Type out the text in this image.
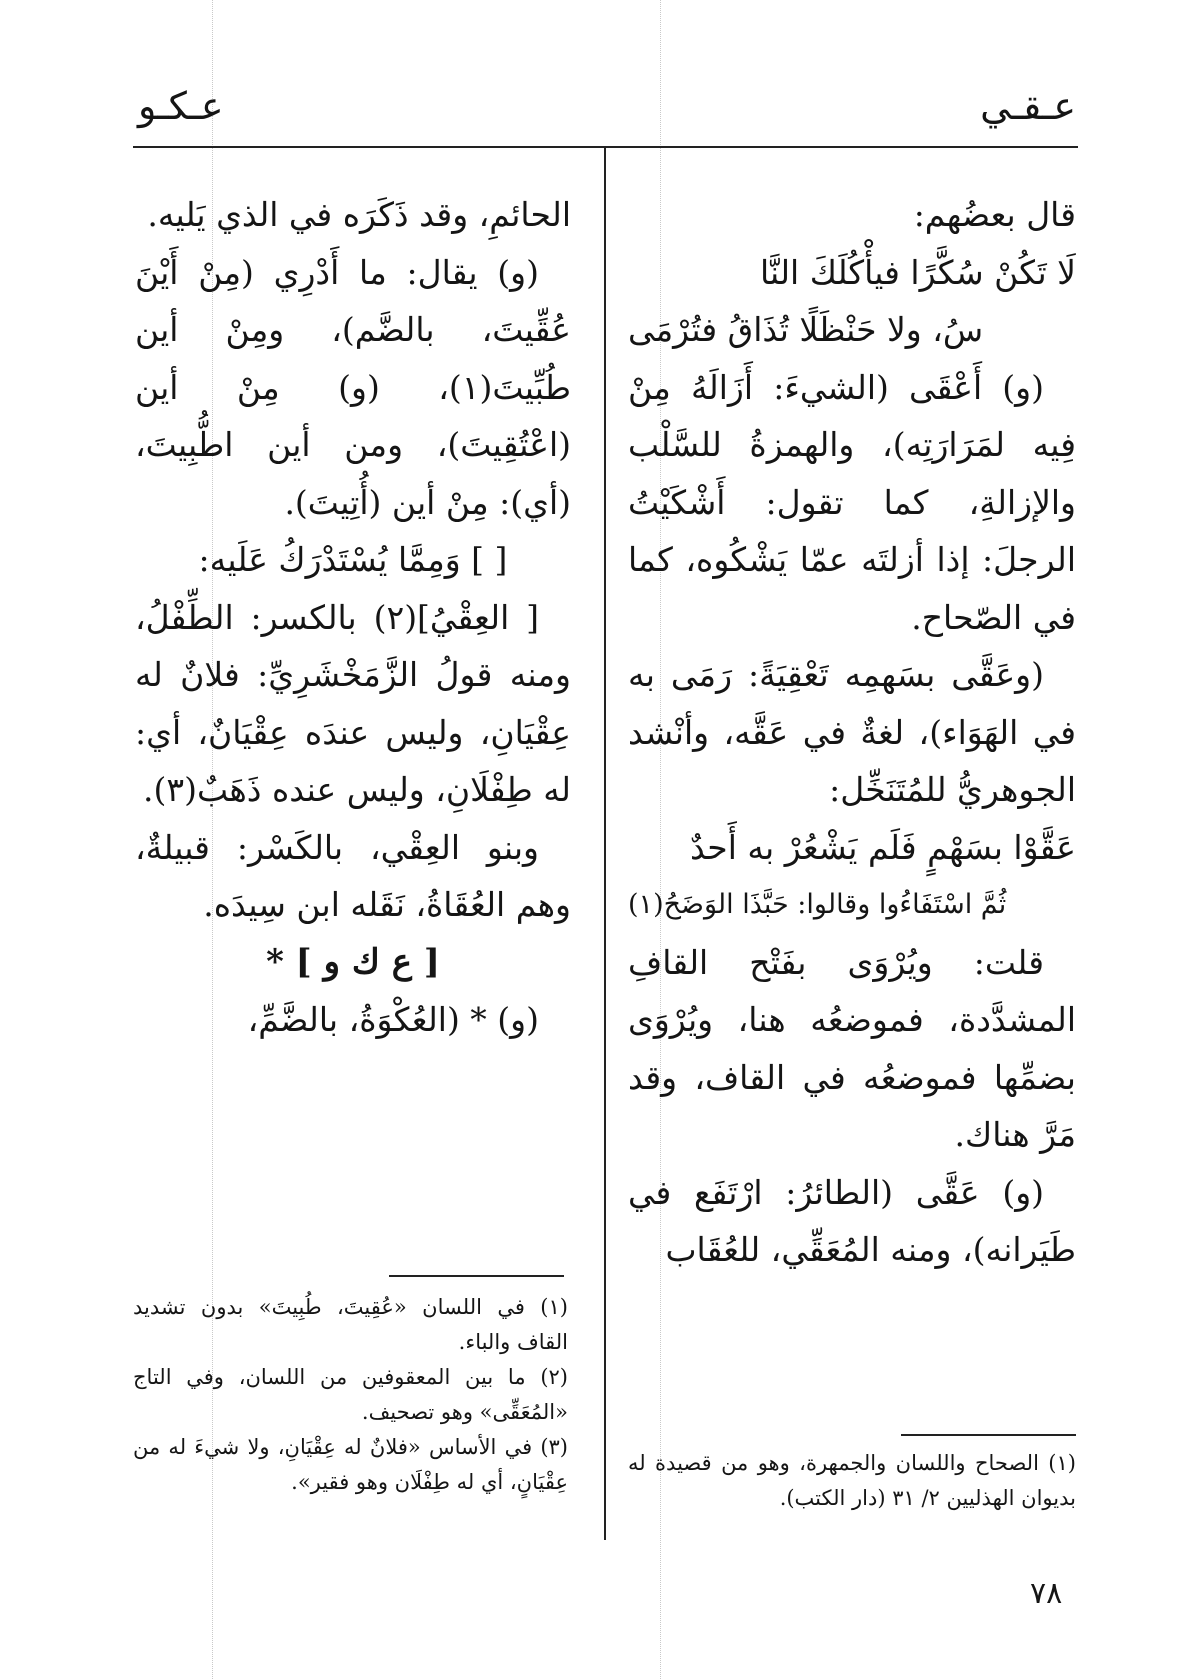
عـقـي
عـكـو

قال بعضُهم:

لَا تَكُنْ سُكَّرًا فيأْكُلَكَ النَّا

سُ، ولا حَنْظَلًا تُذَاقُ فتُرْمَى

(و) أَعْقَى (الشيءَ: أَزَالَهُ مِنْ فِيه لمَرَارَتِه)، والهمزةُ للسَّلْب والإزالةِ، كما تقول: أَشْكَيْتُ الرجلَ: إذا أزلتَه عمّا يَشْكُوه، كما في الصّحاح.

(وعَقَّى بسَهمِه تَعْقِيَةً: رَمَى به في الهَوَاء)، لغةٌ في عَقَّه، وأنْشد الجوهريُّ للمُتَنَخِّل:

عَقَّوْا بسَهْمٍ فَلَم يَشْعُرْ به أَحدٌ

ثُمَّ اسْتَفَاءُوا وقالوا: حَبَّذَا الوَضَحُ(١)

قلت: ويُرْوَى بفَتْح القافِ المشدَّدة، فموضعُه هنا، ويُرْوَى بضمِّها فموضعُه في القاف، وقد مَرَّ هناك.

(و) عَقَّى (الطائرُ: ارْتَفَع في طَيَرانه)، ومنه المُعَقِّي، للعُقَاب

الحائمِ، وقد ذَكَرَه في الذي يَليه.

(و) يقال: ما أَدْرِي (مِنْ أَيْنَ عُقِّيتَ، بالضَّم)، ومِنْ أين طُبِّيتَ(١)، (و) مِنْ أين (اعْتُقِيتَ)، ومن أين اطُّبِيتَ، (أي): مِنْ أين (أُتِيتَ).

[ ] وَمِمَّا يُسْتَدْرَكُ عَلَيه:

[ العِقْيُ](٢) بالكسر: الطِّفْلُ، ومنه قولُ الزَّمَخْشَرِيِّ: فلانٌ له عِقْيَانِ، وليس عندَه عِقْيَانٌ، أي: له طِفْلَانِ، وليس عنده ذَهَبٌ(٣).

وبنو العِقْي، بالكَسْر: قبيلةٌ، وهم العُقَاةُ، نَقَله ابن سِيدَه.

[ ع ك و ] *

(و) * (العُكْوَةُ، بالضَّمِّ،

(١) الصحاح واللسان والجمهرة، وهو من قصيدة له بديوان الهذليين ٢/ ٣١ (دار الكتب).

(١) في اللسان «عُقِيتَ، طُبِيتَ» بدون تشديد القاف والباء.

(٢) ما بين المعقوفين من اللسان، وفي التاج «المُعَقِّى» وهو تصحيف.

(٣) في الأساس «فلانٌ له عِقْيَانِ، ولا شيءَ له من عِقْيَانٍ، أي له طِفْلَان وهو فقير».

٧٨
